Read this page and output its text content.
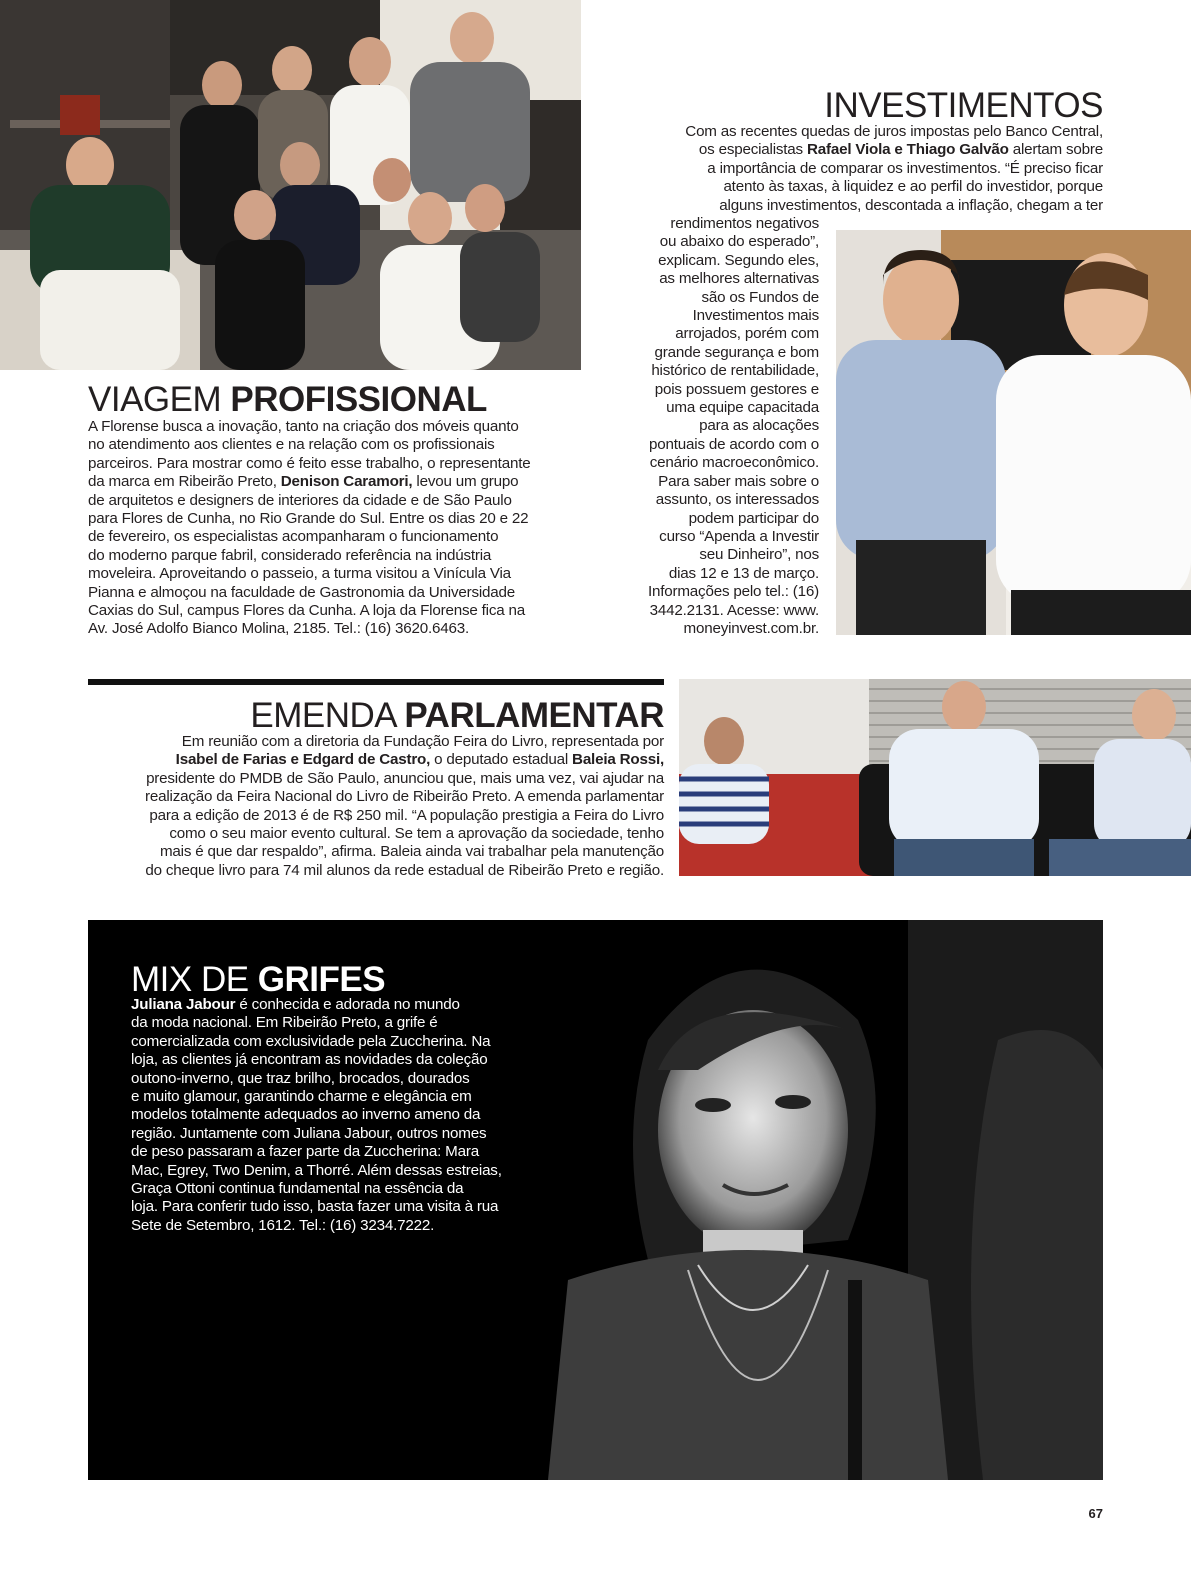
VIAGEM PROFISSIONAL
A Florense busca a inovação, tanto na criação dos móveis quanto
no atendimento aos clientes e na relação com os profissionais
parceiros. Para mostrar como é feito esse trabalho, o representante
da marca em Ribeirão Preto, Denison Caramori, levou um grupo
de arquitetos e designers de interiores da cidade e de São Paulo
para Flores de Cunha, no Rio Grande do Sul. Entre os dias 20 e 22
de fevereiro, os especialistas acompanharam o funcionamento
do moderno parque fabril, considerado referência na indústria
moveleira. Aproveitando o passeio, a turma visitou a Vinícula Via
Pianna e almoçou na faculdade de Gastronomia da Universidade
Caxias do Sul, campus Flores da Cunha. A loja da Florense fica na
Av. José Adolfo Bianco Molina, 2185. Tel.: (16) 3620.6463.
INVESTIMENTOS
Com as recentes quedas de juros impostas pelo Banco Central,
os especialistas Rafael Viola e Thiago Galvão alertam sobre
a importância de comparar os investimentos. “É preciso ficar
atento às taxas, à liquidez e ao perfil do investidor, porque
alguns investimentos, descontada a inflação, chegam a ter
rendimentos negativos
ou abaixo do esperado”,
explicam. Segundo eles,
as melhores alternativas
são os Fundos de
Investimentos mais
arrojados, porém com
grande segurança e bom
histórico de rentabilidade,
pois possuem gestores e
uma equipe capacitada
para as alocações
pontuais de acordo com o
cenário macroeconômico.
Para saber mais sobre o
assunto, os interessados
podem participar do
curso “Apenda a Investir
seu Dinheiro”, nos
dias 12 e 13 de março.
Informações pelo tel.: (16)
3442.2131. Acesse: www.
moneyinvest.com.br.
EMENDA PARLAMENTAR
Em reunião com a diretoria da Fundação Feira do Livro, representada por
Isabel de Farias e Edgard de Castro, o deputado estadual Baleia Rossi,
presidente do PMDB de São Paulo, anunciou que, mais uma vez, vai ajudar na
realização da Feira Nacional do Livro de Ribeirão Preto. A emenda parlamentar
para a edição de 2013 é de R$ 250 mil. “A população prestigia a Feira do Livro
como o seu maior evento cultural. Se tem a aprovação da sociedade, tenho
mais é que dar respaldo”, afirma. Baleia ainda vai trabalhar pela manutenção
do cheque livro para 74 mil alunos da rede estadual de Ribeirão Preto e região.
MIX DE GRIFES
Juliana Jabour é conhecida e adorada no mundo
da moda nacional. Em Ribeirão Preto, a grife é
comercializada com exclusividade pela Zuccherina. Na
loja, as clientes já encontram as novidades da coleção
outono-inverno, que traz brilho, brocados, dourados
e muito glamour, garantindo charme e elegância em
modelos totalmente adequados ao inverno ameno da
região. Juntamente com Juliana Jabour, outros nomes
de peso passaram a fazer parte da Zuccherina: Mara
Mac, Egrey, Two Denim, a Thorré. Além dessas estreias,
Graça Ottoni continua fundamental na essência da
loja. Para conferir tudo isso, basta fazer uma visita à rua
Sete de Setembro, 1612. Tel.: (16) 3234.7222.
67
